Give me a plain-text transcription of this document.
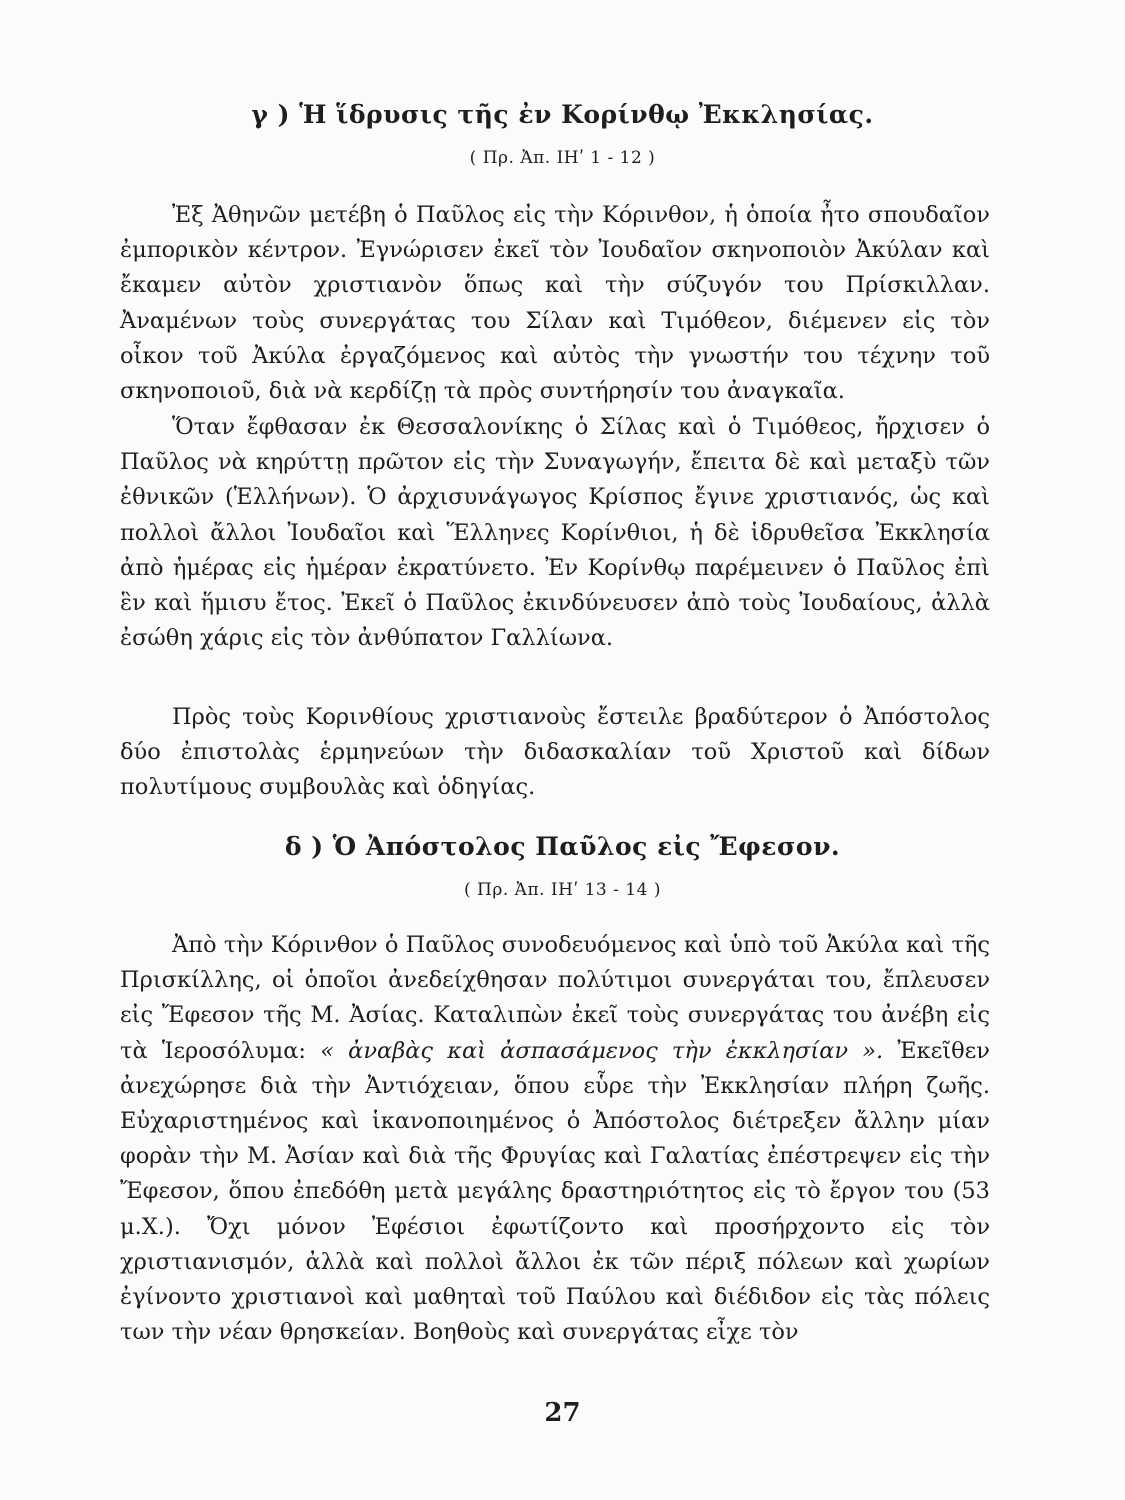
γ ) Ἡ ἵδρυσις τῆς ἐν Κορίνθῳ Ἐκκλησίας.
( Πρ. Ἀπ. ΙΗʹ 1 - 12 )

Ἐξ Ἀθηνῶν μετέβη ὁ Παῦλος εἰς τὴν Κόρινθον, ἡ ὁποία ἦτο σπουδαῖον ἐμπορικὸν κέντρον. Ἐγνώρισεν ἐκεῖ τὸν Ἰουδαῖον σκηνοποιὸν Ἀκύλαν καὶ ἔκαμεν αὐτὸν χριστιανὸν ὅπως καὶ τὴν σύζυγόν του Πρίσκιλλαν. Ἀναμένων τοὺς συνεργάτας του Σίλαν καὶ Τιμόθεον, διέμενεν εἰς τὸν οἶκον τοῦ Ἀκύλα ἐργαζόμενος καὶ αὐτὸς τὴν γνωστήν του τέχνην τοῦ σκηνοποιοῦ, διὰ νὰ κερδίζῃ τὰ πρὸς συντήρησίν του ἀναγκαῖα.

Ὅταν ἔφθασαν ἐκ Θεσσαλονίκης ὁ Σίλας καὶ ὁ Τιμόθεος, ἤρχισεν ὁ Παῦλος νὰ κηρύττῃ πρῶτον εἰς τὴν Συναγωγήν, ἔπειτα δὲ καὶ μεταξὺ τῶν ἐθνικῶν (Ἑλλήνων). Ὁ ἀρχισυνάγωγος Κρίσπος ἔγινε χριστιανός, ὡς καὶ πολλοὶ ἄλλοι Ἰουδαῖοι καὶ Ἕλληνες Κορίνθιοι, ἡ δὲ ἱδρυθεῖσα Ἐκκλησία ἀπὸ ἡμέρας εἰς ἡμέραν ἐκρατύνετο. Ἐν Κορίνθῳ παρέμεινεν ὁ Παῦλος ἐπὶ ἓν καὶ ἥμισυ ἔτος. Ἐκεῖ ὁ Παῦλος ἐκινδύνευσεν ἀπὸ τοὺς Ἰουδαίους, ἀλλὰ ἐσώθη χάρις εἰς τὸν ἀνθύπατον Γαλλίωνα.

Πρὸς τοὺς Κορινθίους χριστιανοὺς ἔστειλε βραδύτερον ὁ Ἀπόστολος δύο ἐπιστολὰς ἑρμηνεύων τὴν διδασκαλίαν τοῦ Χριστοῦ καὶ δίδων πολυτίμους συμβουλὰς καὶ ὁδηγίας.

δ ) Ὁ Ἀπόστολος Παῦλος εἰς Ἔφεσον.
( Πρ. Ἀπ. ΙΗʹ 13 - 14 )

Ἀπὸ τὴν Κόρινθον ὁ Παῦλος συνοδευόμενος καὶ ὑπὸ τοῦ Ἀκύλα καὶ τῆς Πρισκίλλης, οἱ ὁποῖοι ἀνεδείχθησαν πολύτιμοι συνεργάται του, ἔπλευσεν εἰς Ἔφεσον τῆς Μ. Ἀσίας. Καταλιπὼν ἐκεῖ τοὺς συνεργάτας του ἀνέβη εἰς τὰ Ἱεροσόλυμα: « ἀναβὰς καὶ ἀσπασάμενος τὴν ἐκκλησίαν ». Ἐκεῖθεν ἀνεχώρησε διὰ τὴν Ἀντιόχειαν, ὅπου εὗρε τὴν Ἐκκλησίαν πλήρη ζωῆς. Εὐχαριστημένος καὶ ἱκανοποιημένος ὁ Ἀπόστολος διέτρεξεν ἄλλην μίαν φορὰν τὴν Μ. Ἀσίαν καὶ διὰ τῆς Φρυγίας καὶ Γαλατίας ἐπέστρεψεν εἰς τὴν Ἔφεσον, ὅπου ἐπεδόθη μετὰ μεγάλης δραστηριότητος εἰς τὸ ἔργον του (53 μ.Χ.). Ὄχι μόνον Ἐφέσιοι ἐφωτίζοντο καὶ προσήρχοντο εἰς τὸν χριστιανισμόν, ἀλλὰ καὶ πολλοὶ ἄλλοι ἐκ τῶν πέριξ πόλεων καὶ χωρίων ἐγίνοντο χριστιανοὶ καὶ μαθηταὶ τοῦ Παύλου καὶ διέδιδον εἰς τὰς πόλεις των τὴν νέαν θρησκείαν. Βοηθοὺς καὶ συνεργάτας εἶχε τὸν

27
